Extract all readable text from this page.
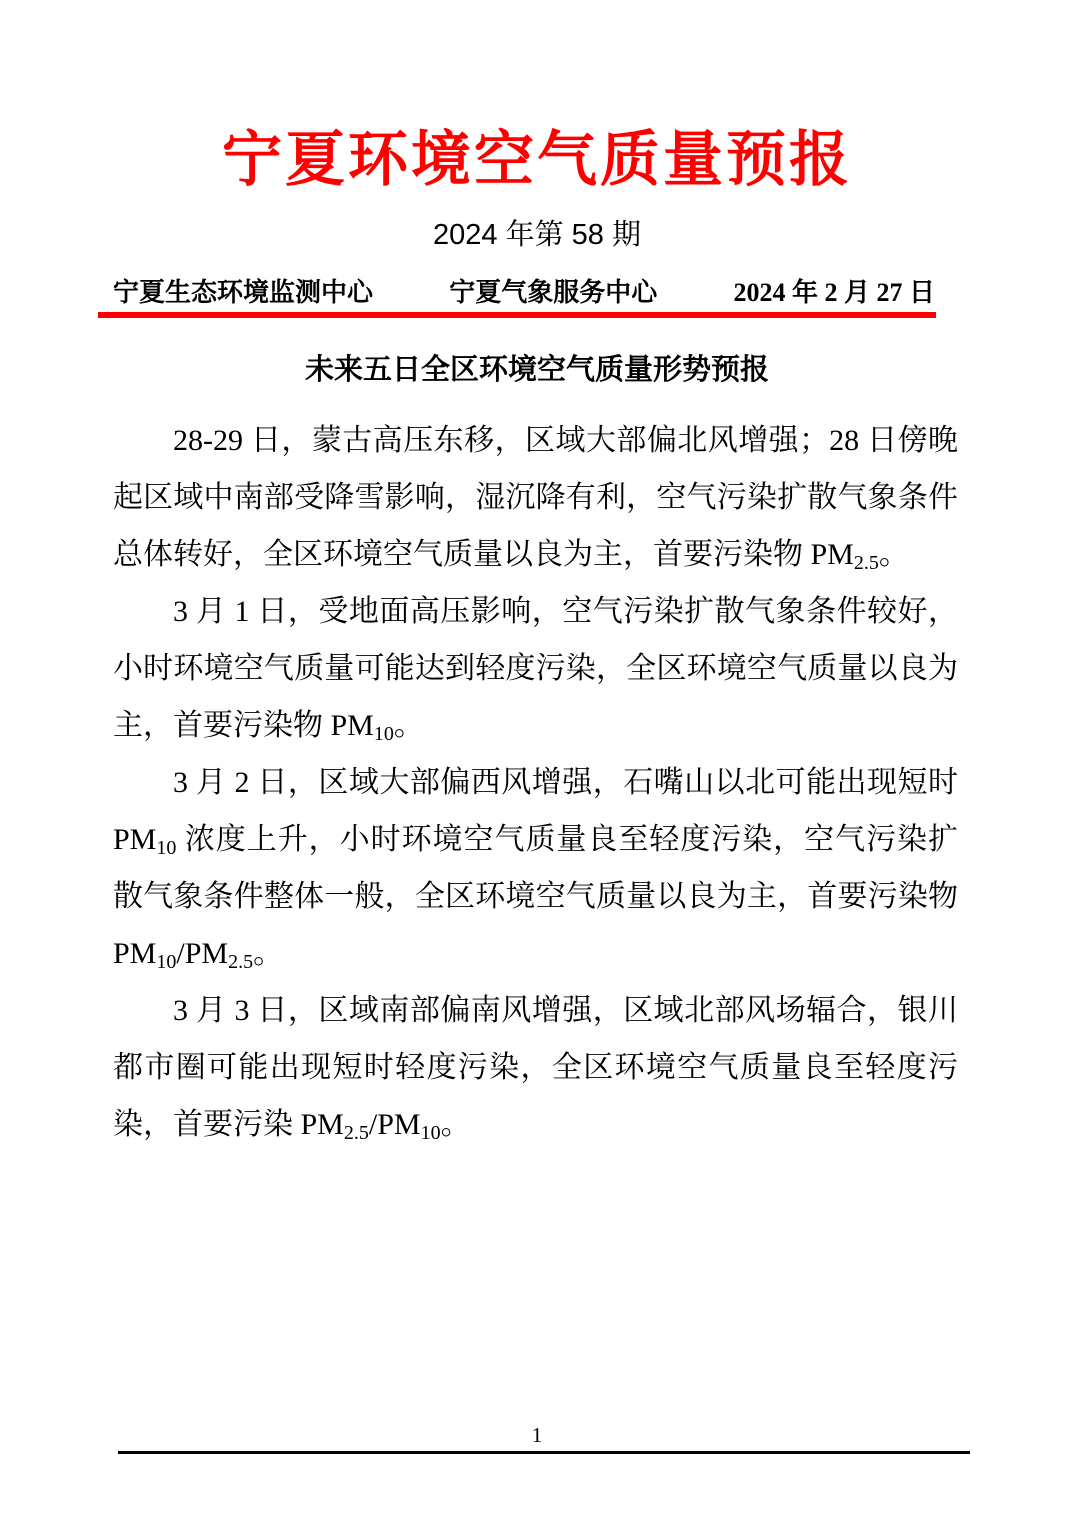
宁夏环境空气质量预报
2024 年第 58 期
宁夏生态环境监测中心	宁夏气象服务中心	2024 年 2 月 27 日
未来五日全区环境空气质量形势预报

28-29 日，蒙古高压东移，区域大部偏北风增强；28 日傍晚起区域中南部受降雪影响，湿沉降有利，空气污染扩散气象条件总体转好，全区环境空气质量以良为主，首要污染物 $PM_{2.5}$。

3 月 1 日，受地面高压影响，空气污染扩散气象条件较好，小时环境空气质量可能达到轻度污染，全区环境空气质量以良为主，首要污染物 $PM_{10}$。

3 月 2 日，区域大部偏西风增强，石嘴山以北可能出现短时 $PM_{10}$ 浓度上升，小时环境空气质量良至轻度污染，空气污染扩散气象条件整体一般，全区环境空气质量以良为主，首要污染物 $PM_{10}/PM_{2.5}$。

3 月 3 日，区域南部偏南风增强，区域北部风场辐合，银川都市圈可能出现短时轻度污染，全区环境空气质量良至轻度污染，首要污染 $PM_{2.5}/PM_{10}$。

1
